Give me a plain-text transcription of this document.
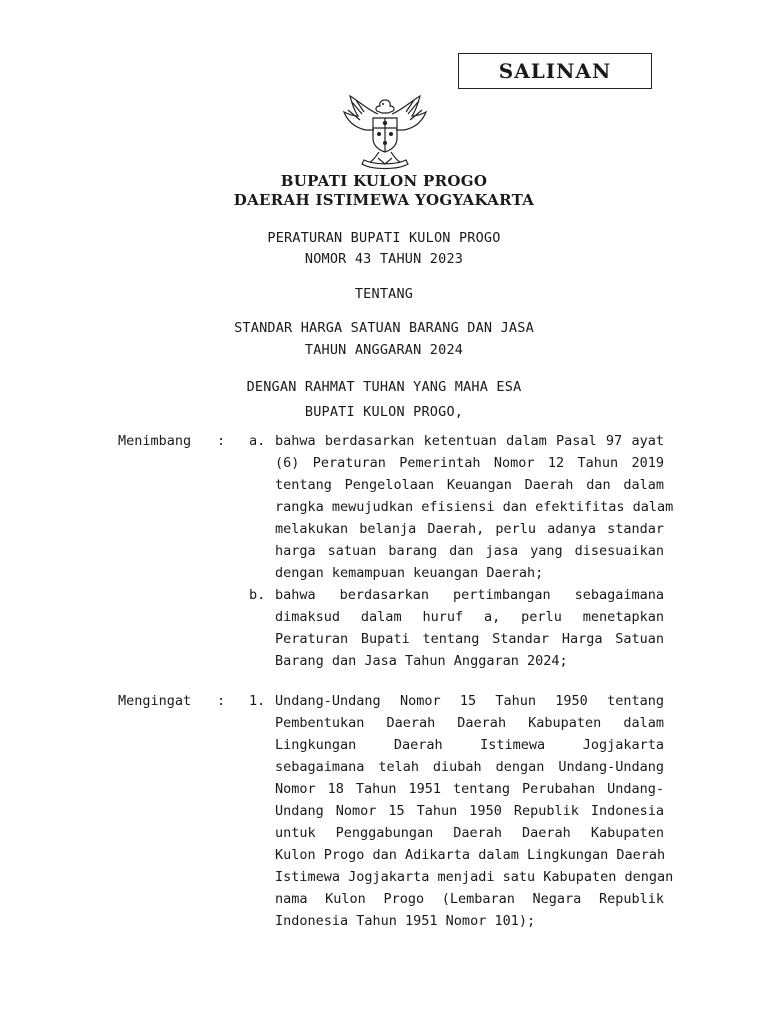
SALINAN
BUPATI KULON PROGO
DAERAH ISTIMEWA YOGYAKARTA
PERATURAN BUPATI KULON PROGO
NOMOR 43 TAHUN 2023
TENTANG
STANDAR HARGA SATUAN BARANG DAN JASA
TAHUN ANGGARAN 2024
DENGAN RAHMAT TUHAN YANG MAHA ESA
BUPATI KULON PROGO,
Menimbang : a. bahwa berdasarkan ketentuan dalam Pasal 97 ayat
(6) Peraturan Pemerintah Nomor 12 Tahun 2019
tentang Pengelolaan Keuangan Daerah dan dalam
rangka mewujudkan efisiensi dan efektifitas dalam
melakukan belanja Daerah, perlu adanya standar
harga satuan barang dan jasa yang disesuaikan
dengan kemampuan keuangan Daerah;
b. bahwa berdasarkan pertimbangan sebagaimana
dimaksud dalam huruf a, perlu menetapkan
Peraturan Bupati tentang Standar Harga Satuan
Barang dan Jasa Tahun Anggaran 2024;
Mengingat : 1. Undang-Undang Nomor 15 Tahun 1950 tentang
Pembentukan Daerah Daerah Kabupaten dalam
Lingkungan Daerah Istimewa Jogjakarta
sebagaimana telah diubah dengan Undang-Undang
Nomor 18 Tahun 1951 tentang Perubahan Undang-
Undang Nomor 15 Tahun 1950 Republik Indonesia
untuk Penggabungan Daerah Daerah Kabupaten
Kulon Progo dan Adikarta dalam Lingkungan Daerah
Istimewa Jogjakarta menjadi satu Kabupaten dengan
nama Kulon Progo (Lembaran Negara Republik
Indonesia Tahun 1951 Nomor 101);
